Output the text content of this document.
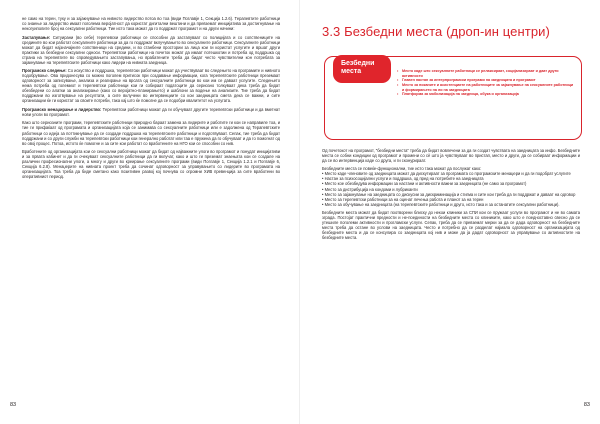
не само на терен, туку и за зајакнување на нивното лидерство потоа во тоа (види Поглавје 1, Секција 1.2.6). Терапевтите работници со знаење за лидерство имаат поголема веројатност да користат дигитални вештини и да превземат иницијатива за достигнување на некогуиполите број на сексуални работници. Тие исто така можат да го поддржат програмот и на други начини:

Застапување: Ситуирани (во себе) терепевски работници се способни да застапуваат со полицијата и со сопствениците на средините во кои работат сексуалните работници за да го поддржат вклучувањето во сексуалните работници. Сексуалните работници можат да бидат најзначајните сопственици на средини, и во станбени простории за лица кои ги користат услугите и вршат други практики за безбедни сексуални односи. Терепевтски работници на почеток можат да имаат потешкотии и потреба од поддршка од страна на терепевтите во спроведувањето застапувања, но врабатените треба да бидат често чувствителни кон потребата за зајакнување на терепевтските работници како лидери на нивната заедница.

Програмско следење: Со искуство и поддршка, терепевтски работници можат да учествуваат во следењето на програмите и нивното подобрување. Ова придонесува со можно поголем притисок при создавање информации, кога терепевтските работници преземаат одговорност за записување, анализа и реагирање на врсата од сексуалните работници во кои им се даваат услугите. Следењето нема потреба од големиот и терепевтски работници кои ги собираат податоците да сериозно толкуваат дека треба да бидат обезбедени со алатки за анализирање (како со веројатно-планирањето) и шаблони за водење на анализите. Тие треба да бидат поддржани во изготвување на ресултати, а сите вклучени во интервенциите со кои заедницата смета дека се важни, и сите организации ќе ги користат за своите потреби, така кај што ќе помогне да се подобри квалитетот на услугата.

Програмско менаџирање и лидерство: Терепевтски работници можат да ги обучуваат другите терепевтски работници и да вметнат нови улоги во програмот.

Како што сериозните програми, терепевтските работници природно бараат замена за лидерите и работите ги кои се направиле тоа, и тие ги прифаќаат од програмата и организацијата која се занимава со сексуалните работници или е задолжена од Терапевтските работници со идеја за поттикнување да се создаде поддршка на терепевтските работници и подготвуваат. Сепак, тие треба да бидат поддржани и со други служби на терепевтски работници кои генерално работат или таа е пружена да го обучуваат и да го помогнат од во овој процес. Потоа, истото ќе помогне и за сите кои работат со вработените на НГО кои се способни со нив.

Вработените од организацијата кои се сексуални работници можат да бидат од најважните улоги во програмот и понудат иницијативи и за првата кабинет и да ги очекуваат сексуалните работници да ги вклучат, како и што ги преземат знаењата кои се создале на различни професионални улоги, а многу и други во креирање сексуалните програми (види Поглавје 1, Секција 1.2.1 и Поглавје 6, Секција 6.2.8). Менаџерите на нивната проект треба да сочинат одговорност за управувањето со лидерите во програмата на организацијата. Тоа треба да биде сметано како позитивен развој кој почнува со огромни ХИВ превенција за сите вработени во оперативниот период.

83
3.3 Безбедни места (дроп-ин центри)
Безбедни места
•	Место каде што сексуалните работници се релаксираат, социјализираат и даат други активности
• Главен настан за интерпрограмски програми на заедницата и програмот
• Место за поканите и асистенциите на работниците за зајакнување на сексуалните работници и формирањето на ли на заедницата
• Платформа за мобилизација на заедница, обука и организација

Од почетокот на програмот, "безбедни места" треба да бидат вовлечени за да ги создат чувствата на заедницата за инфо. Безбедните места се собни кондиции од програмот и промени со сè што ја чувствуваат во пристап, место и други, да се собираат информации и да се во интервенција каде со друга, и ги сконурираат.

Безбедните места се повеќе-функционални, тие исто така можат да послужат како:
• Место каде членовите од заедницата можат да дискутираат за програмата со програмските менаџери и да ги подобрат услугите
• Настан за психосоцијални услуги и поддршка, од пред на потребите на заедницата
• Место кое обезбедува информации за настани и активности важни за заедницата (не само за програмот)
• Место за дистрибуција на кондоми и лубриканти
• Место за зајакнување на заедницата со дискусии за дискриминација и стигма и сите кои треба да ги поддржат и даваат на одговор
• Место за терепевтски работници за на оценат лечења работа и планот за на терен
• Место за обучување на заедницата (на терепевтските работници и друго, исто така и за останатите сексуални работници).

Безбедните места можат да бидат поотворени блиску до некои клиники за СПИ кои се пружаат услуги во програмот и не во самата зграда. Постојат практични предности и не-поединости на безбедните места со клиниките, како што е поедноставно свесно да се утешиле поголеми активности и прогламски услуги. Сепак, треба да се превземат мерки за да се дада одговорност на безбедните места треба да остане во услови на заедницата. Често и потребно да се разделат најмала одговорност на организацијата од безбедните места и да се консулира со заедницата кој нив и може да ја дадат одговорност за управување со активностите на безбедните места.

83
